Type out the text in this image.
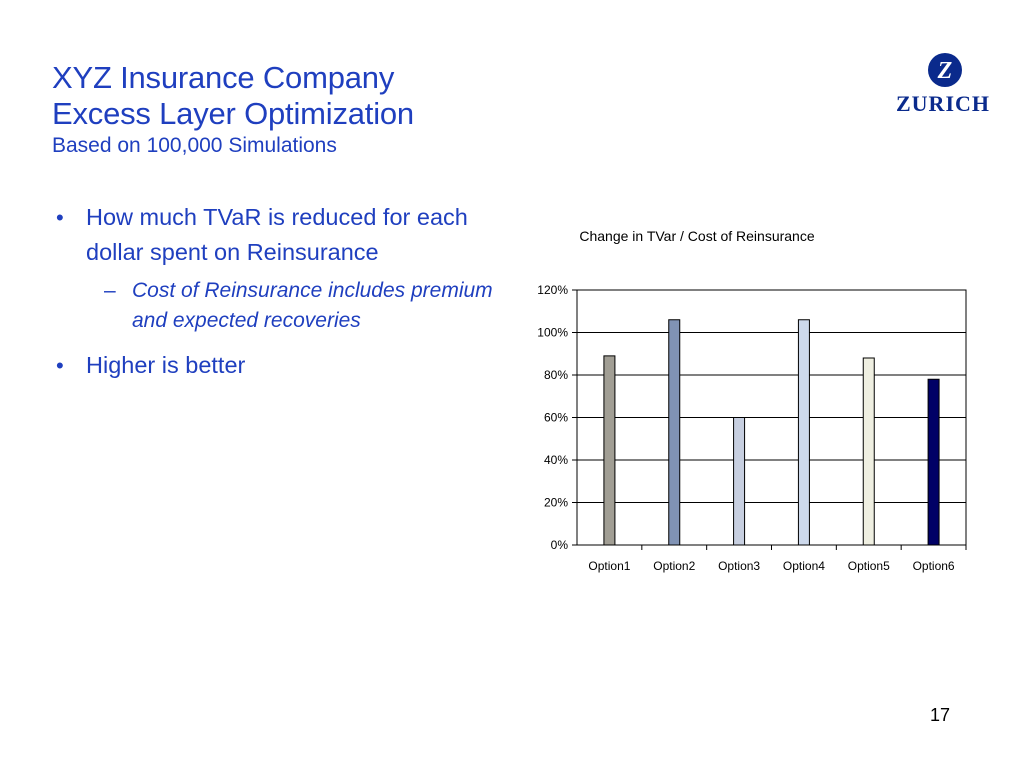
XYZ Insurance Company
Excess Layer Optimization
Based on 100,000 Simulations
Z
ZURICH
• How much TVaR is reduced for each dollar spent on Reinsurance
– Cost of Reinsurance includes premium and expected recoveries
• Higher is better
Change in TVar / Cost of Reinsurance
0%
20%
40%
60%
80%
100%
120%
Option1 Option2 Option3 Option4 Option5 Option6
17
